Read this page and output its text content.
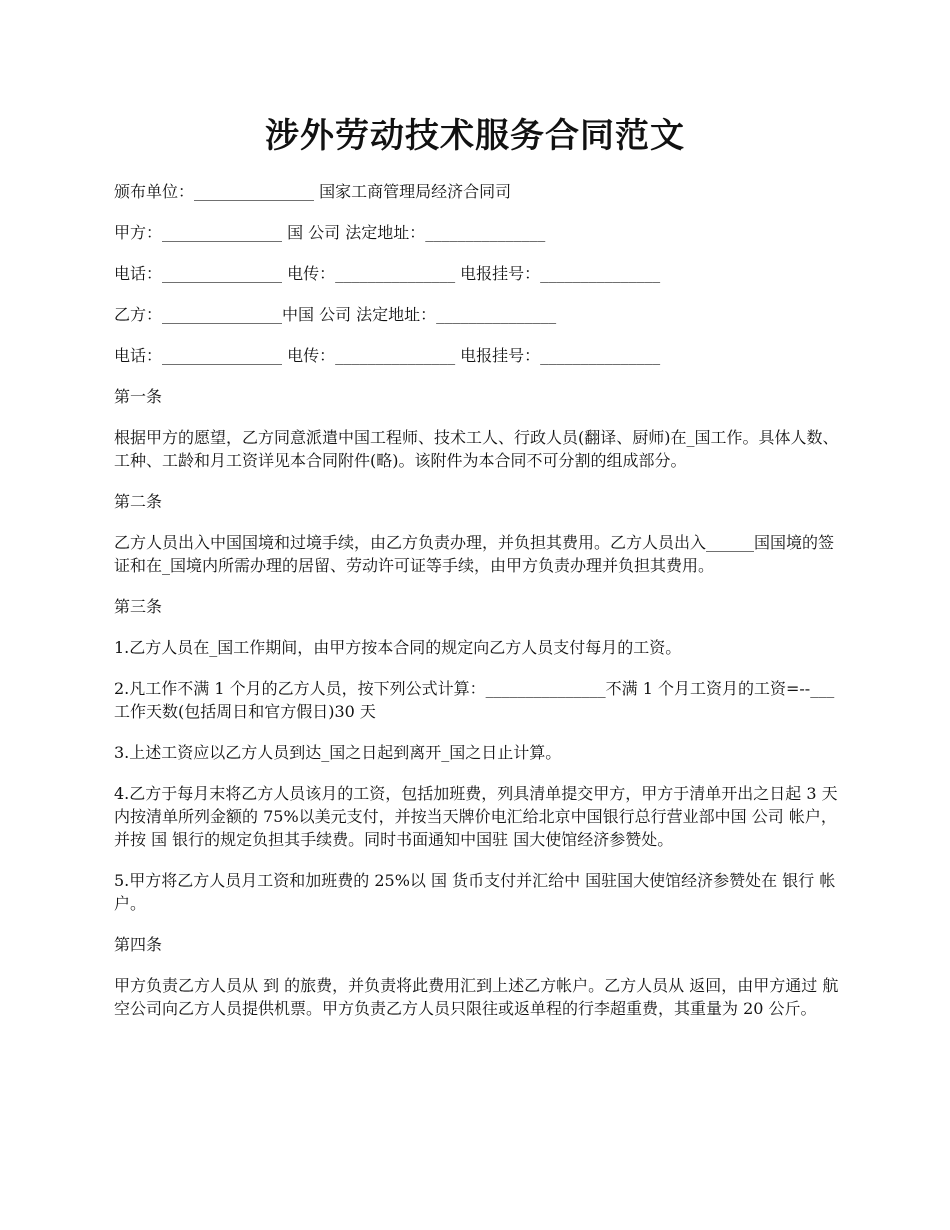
涉外劳动技术服务合同范文

颁布单位：_______________ 国家工商管理局经济合同司

甲方：_______________ 国 公司 法定地址：_______________

电话：_______________ 电传：_______________ 电报挂号：_______________

乙方：_______________中国 公司 法定地址：_______________

电话：_______________ 电传：_______________ 电报挂号：_______________

第一条

根据甲方的愿望，乙方同意派遣中国工程师、技术工人、行政人员(翻译、厨师)在_国工作。具体人数、工种、工龄和月工资详见本合同附件(略)。该附件为本合同不可分割的组成部分。

第二条

乙方人员出入中国国境和过境手续，由乙方负责办理，并负担其费用。乙方人员出入______国国境的签证和在_国境内所需办理的居留、劳动许可证等手续，由甲方负责办理并负担其费用。

第三条

1.乙方人员在_国工作期间，由甲方按本合同的规定向乙方人员支付每月的工资。

2.凡工作不满 1 个月的乙方人员，按下列公式计算：_______________不满 1 个月工资月的工资=--___工作天数(包括周日和官方假日)30 天

3.上述工资应以乙方人员到达_国之日起到离开_国之日止计算。

4.乙方于每月末将乙方人员该月的工资，包括加班费，列具清单提交甲方，甲方于清单开出之日起 3 天内按清单所列金额的 75%以美元支付，并按当天牌价电汇给北京中国银行总行营业部中国 公司 帐户，并按 国 银行的规定负担其手续费。同时书面通知中国驻 国大使馆经济参赞处。

5.甲方将乙方人员月工资和加班费的 25%以 国 货币支付并汇给中 国驻国大使馆经济参赞处在 银行 帐户。

第四条

甲方负责乙方人员从 到 的旅费，并负责将此费用汇到上述乙方帐户。乙方人员从 返回，由甲方通过 航空公司向乙方人员提供机票。甲方负责乙方人员只限往或返单程的行李超重费，其重量为 20 公斤。
